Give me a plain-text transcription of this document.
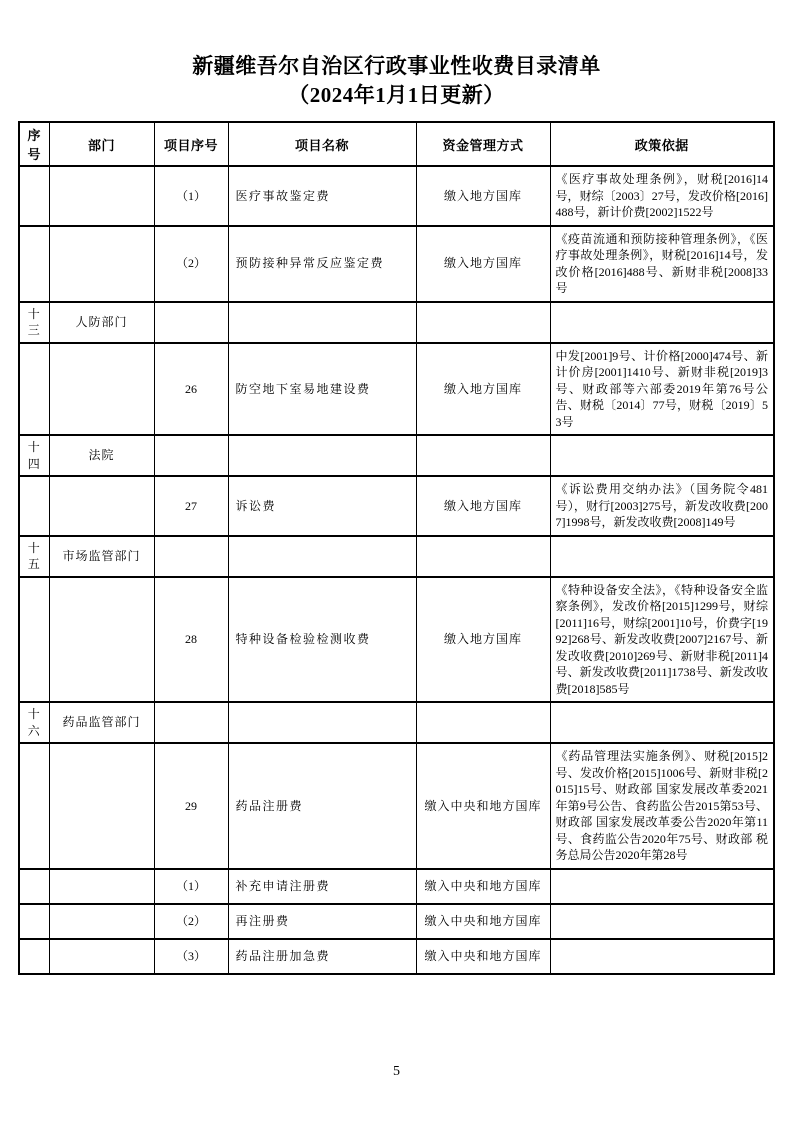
新疆维吾尔自治区行政事业性收费目录清单
（2024年1月1日更新）
序号	部门	项目序号	项目名称	资金管理方式	政策依据
		（1）	医疗事故鉴定费	缴入地方国库	《医疗事故处理条例》，财税[2016]14号，财综〔2003〕27号，发改价格[2016]488号，新计价费[2002]1522号
		（2）	预防接种异常反应鉴定费	缴入地方国库	《疫苗流通和预防接种管理条例》，《医疗事故处理条例》，财税[2016]14号，发改价格[2016]488号、新财非税[2008]33号
十三	人防部门				
		26	防空地下室易地建设费	缴入地方国库	中发[2001]9号、计价格[2000]474号、新计价房[2001]1410号、新财非税[2019]3号、财政部等六部委2019年第76号公告、财税〔2014〕77号，财税〔2019〕53号
十四	法院				
		27	诉讼费	缴入地方国库	《诉讼费用交纳办法》（国务院令481号），财行[2003]275号，新发改收费[2007]1998号，新发改收费[2008]149号
十五	市场监管部门				
		28	特种设备检验检测收费	缴入地方国库	《特种设备安全法》，《特种设备安全监察条例》，发改价格[2015]1299号，财综[2011]16号，财综[2001]10号，价费字[1992]268号、新发改收费[2007]2167号、新发改收费[2010]269号、新财非税[2011]4号、新发改收费[2011]1738号、新发改收费[2018]585号
十六	药品监管部门				
		29	药品注册费	缴入中央和地方国库	《药品管理法实施条例》、财税[2015]2号、发改价格[2015]1006号、新财非税[2015]15号、财政部 国家发展改革委2021年第9号公告、食药监公告2015第53号、财政部 国家发展改革委公告2020年第11号、食药监公告2020年75号、财政部 税务总局公告2020年第28号
		（1）	补充申请注册费	缴入中央和地方国库	
		（2）	再注册费	缴入中央和地方国库	
		（3）	药品注册加急费	缴入中央和地方国库	
5
